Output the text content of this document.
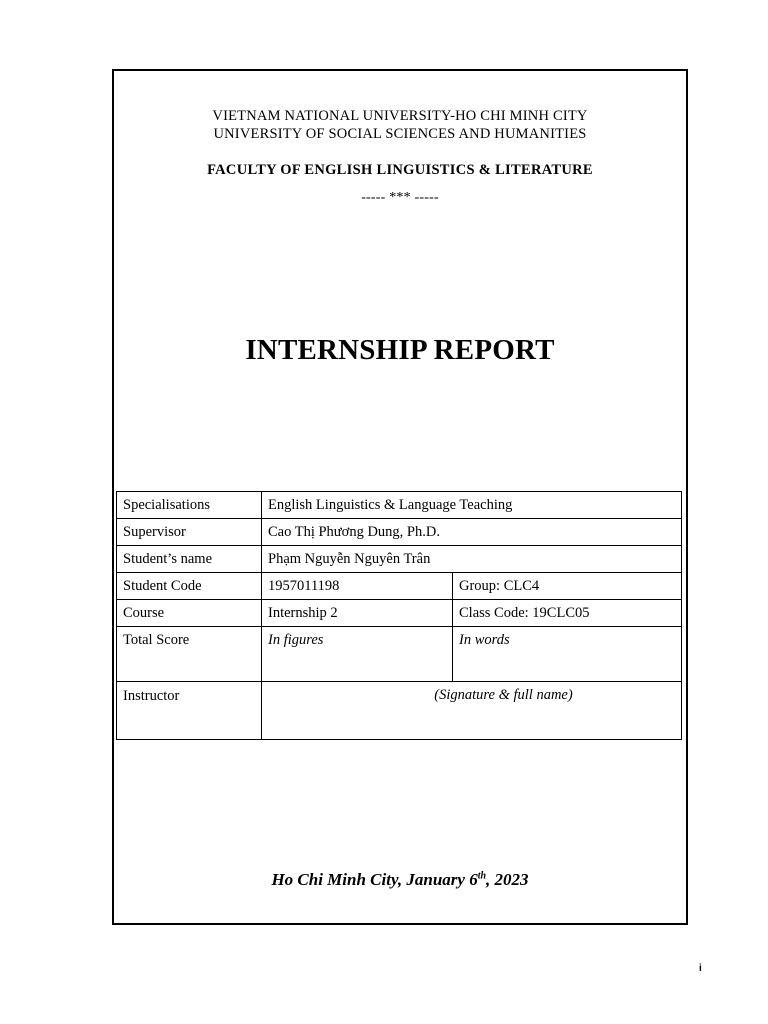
VIETNAM NATIONAL UNIVERSITY-HO CHI MINH CITY
UNIVERSITY OF SOCIAL SCIENCES AND HUMANITIES
FACULTY OF ENGLISH LINGUISTICS & LITERATURE
----- *** -----
INTERNSHIP REPORT
Specialisations	English Linguistics & Language Teaching	
Supervisor	Cao Thị Phương Dung, Ph.D.	
Student’s name	Phạm Nguyễn Nguyên Trân	
Student Code	1957011198	Group: CLC4
Course	Internship 2	Class Code: 19CLC05
Total Score	In figures	In words
Instructor	(Signature & full name)	
Ho Chi Minh City, January 6th, 2023
i
